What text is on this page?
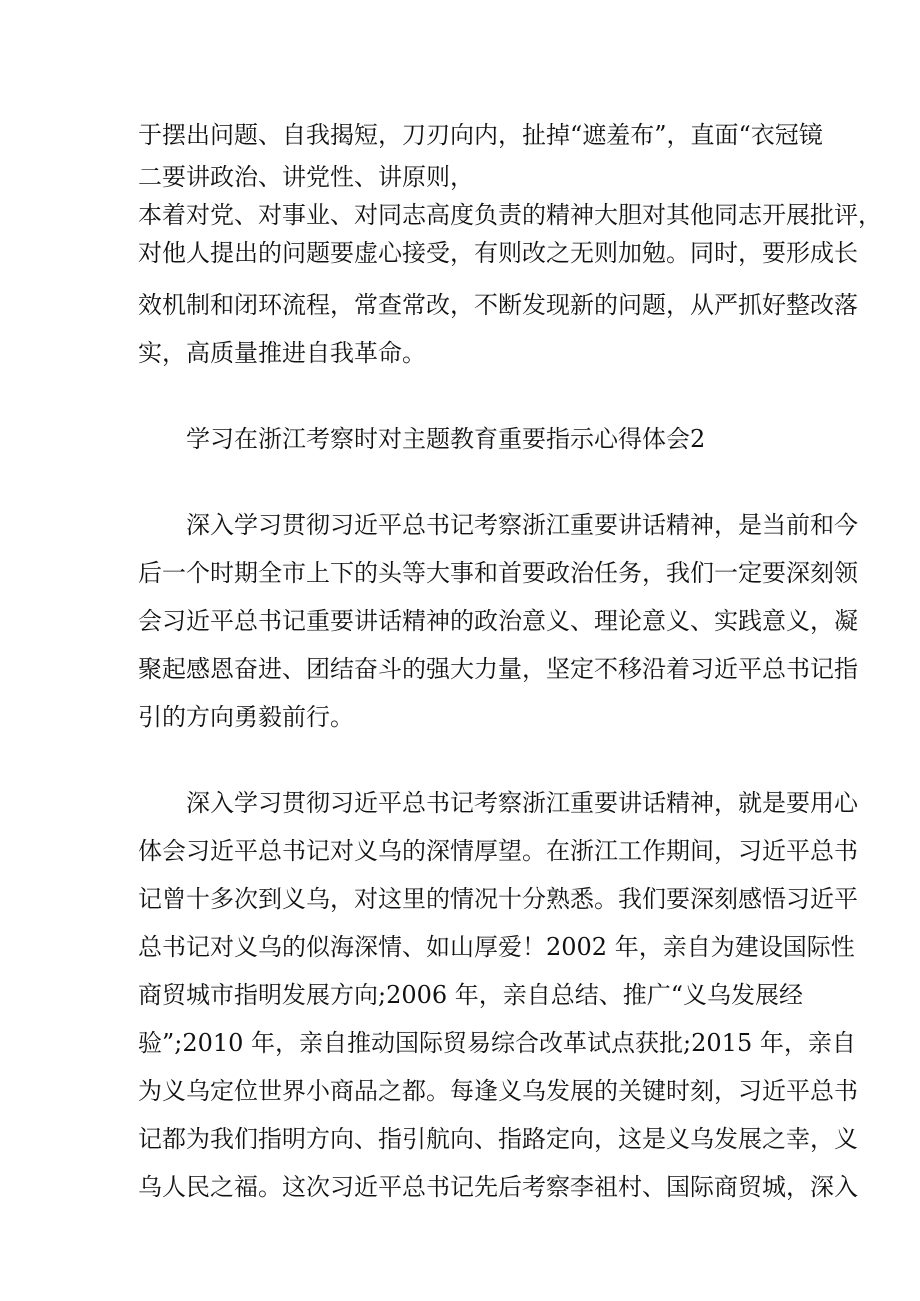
于摆出问题、自我揭短，刀刃向内，扯掉“遮羞布”，直面“衣冠镜
二要讲政治、讲党性、讲原则，
本着对党、对事业、对同志高度负责的精神大胆对其他同志开展批评，
对他人提出的问题要虚心接受，有则改之无则加勉。同时，要形成长
效机制和闭环流程，常查常改，不断发现新的问题，从严抓好整改落
实，高质量推进自我革命。
学习在浙江考察时对主题教育重要指示心得体会2
深入学习贯彻习近平总书记考察浙江重要讲话精神，是当前和今
后一个时期全市上下的头等大事和首要政治任务，我们一定要深刻领
会习近平总书记重要讲话精神的政治意义、理论意义、实践意义，凝
聚起感恩奋进、团结奋斗的强大力量，坚定不移沿着习近平总书记指
引的方向勇毅前行。
深入学习贯彻习近平总书记考察浙江重要讲话精神，就是要用心
体会习近平总书记对义乌的深情厚望。在浙江工作期间，习近平总书
记曾十多次到义乌，对这里的情况十分熟悉。我们要深刻感悟习近平
总书记对义乌的似海深情、如山厚爱！2002 年，亲自为建设国际性
商贸城市指明发展方向;2006 年，亲自总结、推广“义乌发展经
验”;2010 年，亲自推动国际贸易综合改革试点获批;2015 年，亲自
为义乌定位世界小商品之都。每逢义乌发展的关键时刻，习近平总书
记都为我们指明方向、指引航向、指路定向，这是义乌发展之幸，义
乌人民之福。这次习近平总书记先后考察李祖村、国际商贸城，深入
